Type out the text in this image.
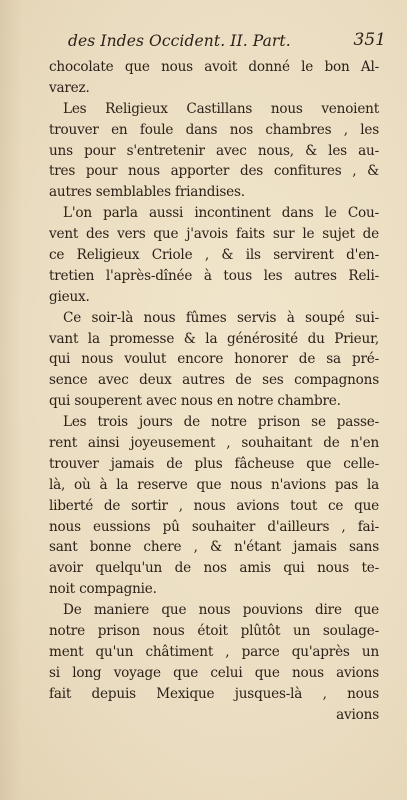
des Indes Occident. II. Part.	351
chocolate que nous avoit donné le bon Al-
varez.
Les Religieux Castillans nous venoient
trouver en foule dans nos chambres , les
uns pour s'entretenir avec nous, & les au-
tres pour nous apporter des confitures , &
autres semblables friandises.
L'on parla aussi incontinent dans le Cou-
vent des vers que j'avois faits sur le sujet de
ce Religieux Criole , & ils servirent d'en-
tretien l'après-dînée à tous les autres Reli-
gieux.
Ce soir-là nous fûmes servis à soupé sui-
vant la promesse & la générosité du Prieur,
qui nous voulut encore honorer de sa pré-
sence avec deux autres de ses compagnons
qui souperent avec nous en notre chambre.
Les trois jours de notre prison se passe-
rent ainsi joyeusement , souhaitant de n'en
trouver jamais de plus fâcheuse que celle-
là, où à la reserve que nous n'avions pas la
liberté de sortir , nous avions tout ce que
nous eussions pû souhaiter d'ailleurs , fai-
sant bonne chere , & n'étant jamais sans
avoir quelqu'un de nos amis qui nous te-
noit compagnie.
De maniere que nous pouvions dire que
notre prison nous étoit plûtôt un soulage-
ment qu'un châtiment , parce qu'après un
si long voyage que celui que nous avions
fait depuis Mexique jusques-là , nous
avions
